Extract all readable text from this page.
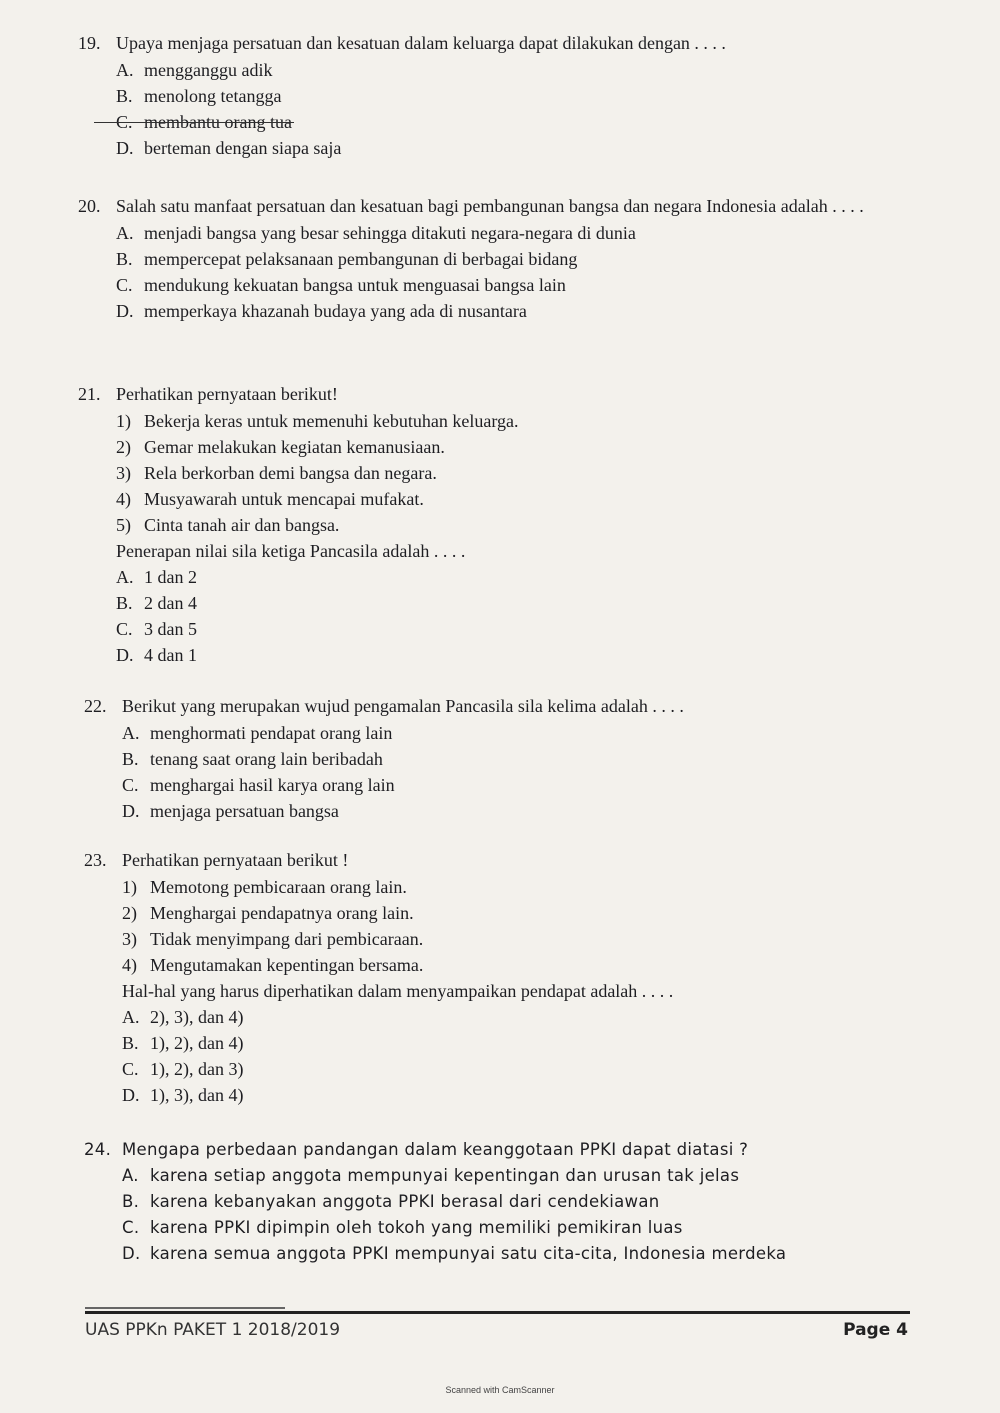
19. Upaya menjaga persatuan dan kesatuan dalam keluarga dapat dilakukan dengan . . . .
A. mengganggu adik
B. menolong tetangga
C. membantu orang tua
D. berteman dengan siapa saja
20. Salah satu manfaat persatuan dan kesatuan bagi pembangunan bangsa dan negara Indonesia adalah . . . .
A. menjadi bangsa yang besar sehingga ditakuti negara-negara di dunia
B. mempercepat pelaksanaan pembangunan di berbagai bidang
C. mendukung kekuatan bangsa untuk menguasai bangsa lain
D. memperkaya khazanah budaya yang ada di nusantara
21. Perhatikan pernyataan berikut!
1) Bekerja keras untuk memenuhi kebutuhan keluarga.
2) Gemar melakukan kegiatan kemanusiaan.
3) Rela berkorban demi bangsa dan negara.
4) Musyawarah untuk mencapai mufakat.
5) Cinta tanah air dan bangsa.
Penerapan nilai sila ketiga Pancasila adalah . . . .
A. 1 dan 2
B. 2 dan 4
C. 3 dan 5
D. 4 dan 1
22. Berikut yang merupakan wujud pengamalan Pancasila sila kelima adalah . . . .
A. menghormati pendapat orang lain
B. tenang saat orang lain beribadah
C. menghargai hasil karya orang lain
D. menjaga persatuan bangsa
23. Perhatikan pernyataan berikut !
1) Memotong pembicaraan orang lain.
2) Menghargai pendapatnya orang lain.
3) Tidak menyimpang dari pembicaraan.
4) Mengutamakan kepentingan bersama.
Hal-hal yang harus diperhatikan dalam menyampaikan pendapat adalah . . . .
A. 2), 3), dan 4)
B. 1), 2), dan 4)
C. 1), 2), dan 3)
D. 1), 3), dan 4)
24. Mengapa perbedaan pandangan dalam keanggotaan PPKI dapat diatasi ?
A. karena setiap anggota mempunyai kepentingan dan urusan tak jelas
B. karena kebanyakan anggota PPKI berasal dari cendekiawan
C. karena PPKI dipimpin oleh tokoh yang memiliki pemikiran luas
D. karena semua anggota PPKI mempunyai satu cita-cita, Indonesia merdeka
UAS PPKn PAKET 1 2018/2019	Page 4
Scanned with CamScanner
